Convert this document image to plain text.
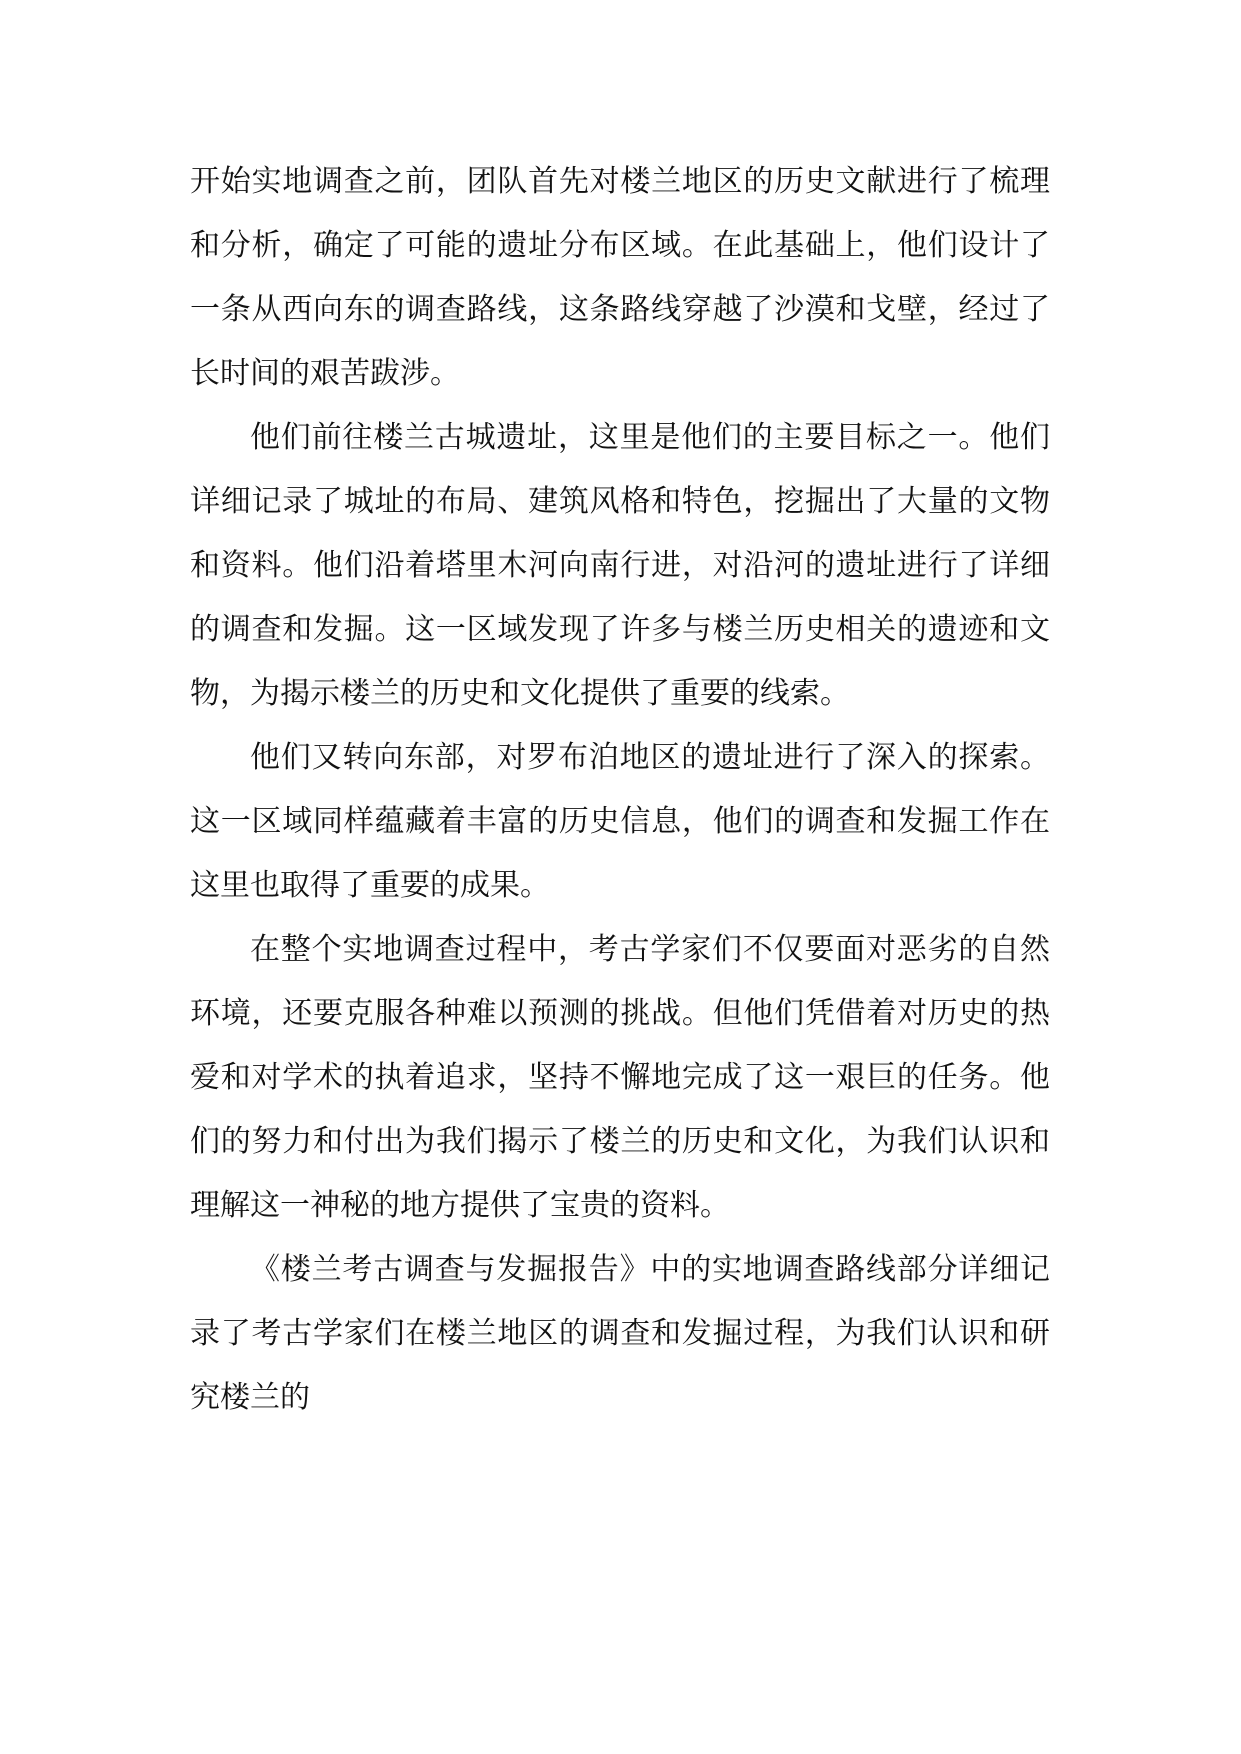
开始实地调查之前，团队首先对楼兰地区的历史文献进行了梳理和分析，确定了可能的遗址分布区域。在此基础上，他们设计了一条从西向东的调查路线，这条路线穿越了沙漠和戈壁，经过了长时间的艰苦跋涉。

他们前往楼兰古城遗址，这里是他们的主要目标之一。他们详细记录了城址的布局、建筑风格和特色，挖掘出了大量的文物和资料。他们沿着塔里木河向南行进，对沿河的遗址进行了详细的调查和发掘。这一区域发现了许多与楼兰历史相关的遗迹和文物，为揭示楼兰的历史和文化提供了重要的线索。

他们又转向东部，对罗布泊地区的遗址进行了深入的探索。这一区域同样蕴藏着丰富的历史信息，他们的调查和发掘工作在这里也取得了重要的成果。

在整个实地调查过程中，考古学家们不仅要面对恶劣的自然环境，还要克服各种难以预测的挑战。但他们凭借着对历史的热爱和对学术的执着追求，坚持不懈地完成了这一艰巨的任务。他们的努力和付出为我们揭示了楼兰的历史和文化，为我们认识和理解这一神秘的地方提供了宝贵的资料。

《楼兰考古调查与发掘报告》中的实地调查路线部分详细记录了考古学家们在楼兰地区的调查和发掘过程，为我们认识和研究楼兰的
